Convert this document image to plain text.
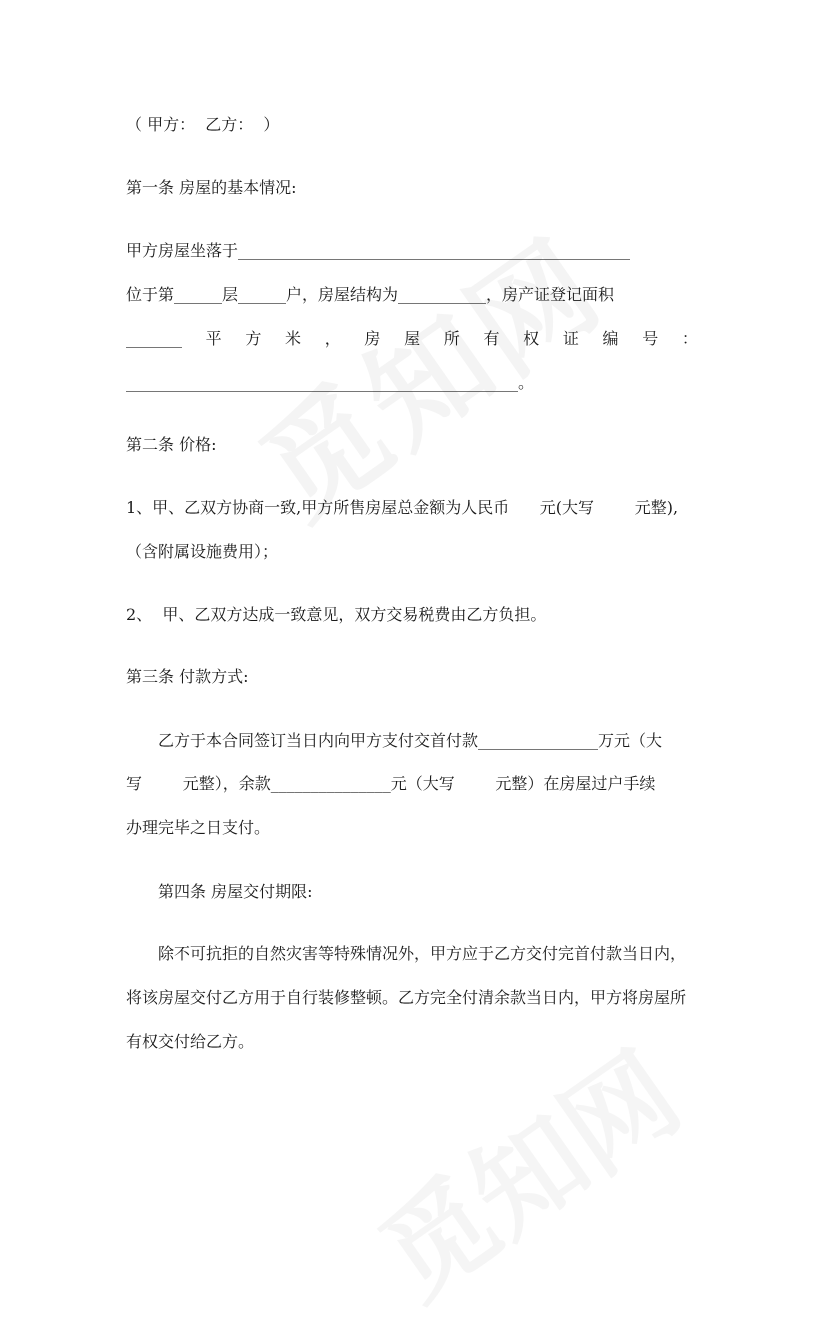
（ 甲方：  乙方：  ）
第一条 房屋的基本情况:
甲方房屋坐落于_________________________________________________
位于第______层______户，房屋结构为___________，房产证登记面积
_______ 平 方 米 ， 房 屋 所 有 权 证 编 号 ：
_________________________________________________。
第二条 价格:
1、甲、乙双方协商一致,甲方所售房屋总金额为人民币      元(大写        元整),
（含附属设施费用）；
2、  甲、乙双方达成一致意见，双方交易税费由乙方负担。
第三条 付款方式:
乙方于本合同签订当日内向甲方支付交首付款_______________万元（大
写        元整），余款_______________元（大写        元整）在房屋过户手续
办理完毕之日支付。
第四条 房屋交付期限:
除不可抗拒的自然灾害等特殊情况外，甲方应于乙方交付完首付款当日内，
将该房屋交付乙方用于自行装修整顿。乙方完全付清余款当日内，甲方将房屋所
有权交付给乙方。
